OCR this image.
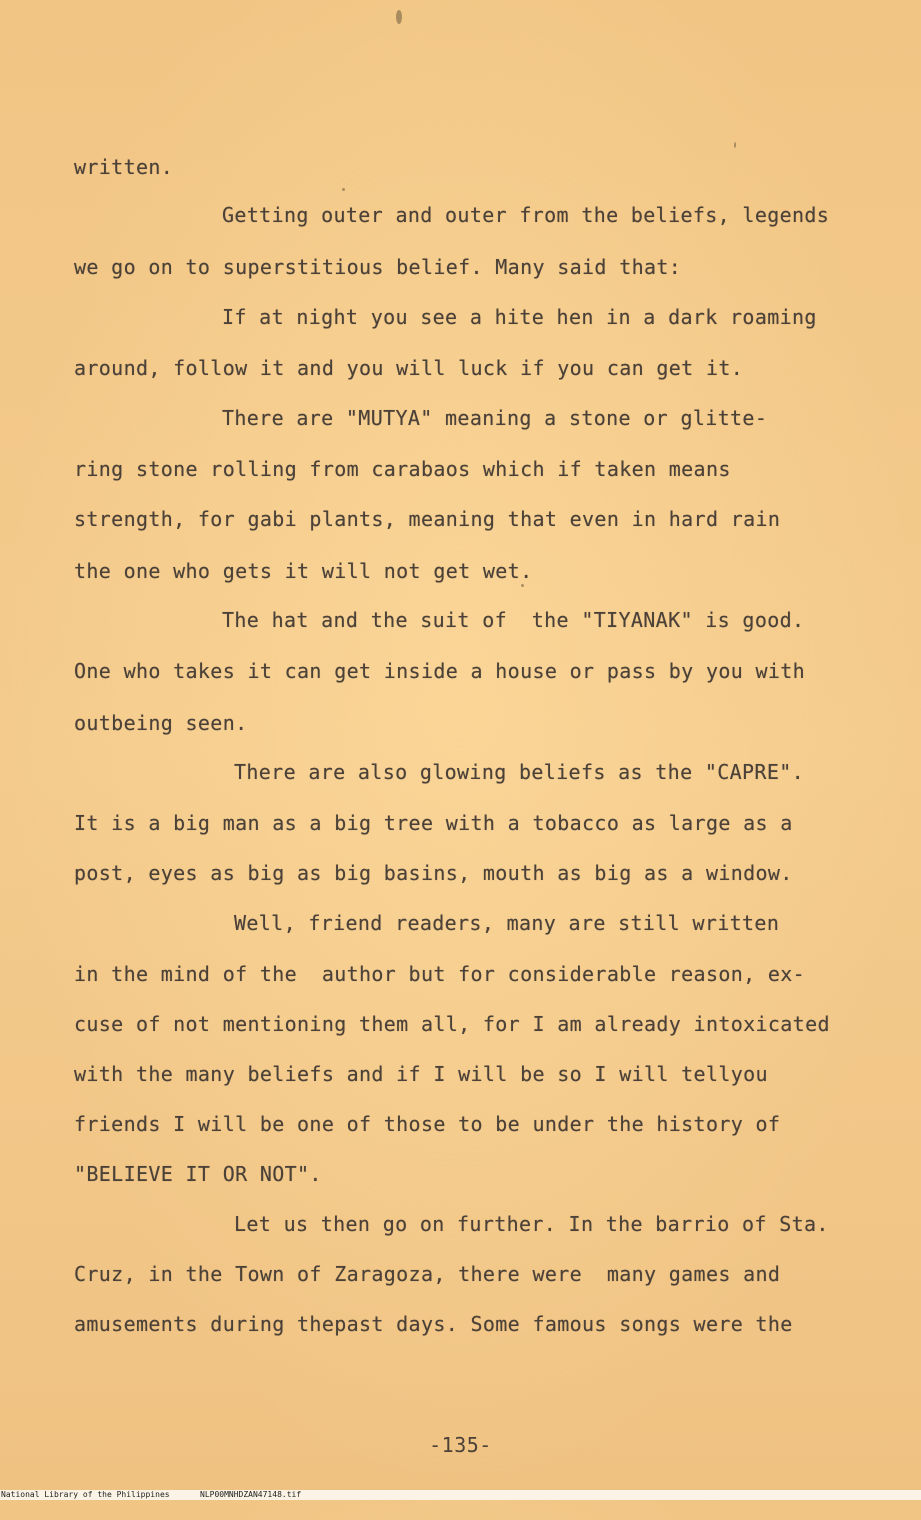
written.
Getting outer and outer from the beliefs, legends
we go on to superstitious belief. Many said that:
If at night you see a hite hen in a dark roaming
around, follow it and you will luck if you can get it.
There are "MUTYA" meaning a stone or glitte-
ring stone rolling from carabaos which if taken means
strength, for gabi plants, meaning that even in hard rain
the one who gets it will not get wet.
The hat and the suit of  the "TIYANAK" is good.
One who takes it can get inside a house or pass by you with
outbeing seen.
There are also glowing beliefs as the "CAPRE".
It is a big man as a big tree with a tobacco as large as a
post, eyes as big as big basins, mouth as big as a window.
Well, friend readers, many are still written
in the mind of the  author but for considerable reason, ex-
cuse of not mentioning them all, for I am already intoxicated
with the many beliefs and if I will be so I will tellyou
friends I will be one of those to be under the history of
"BELIEVE IT OR NOT".
Let us then go on further. In the barrio of Sta.
Cruz, in the Town of Zaragoza, there were  many games and
amusements during thepast days. Some famous songs were the
-135-

National Library of the Philippines

	NLP00MNHDZAN47148.tif
